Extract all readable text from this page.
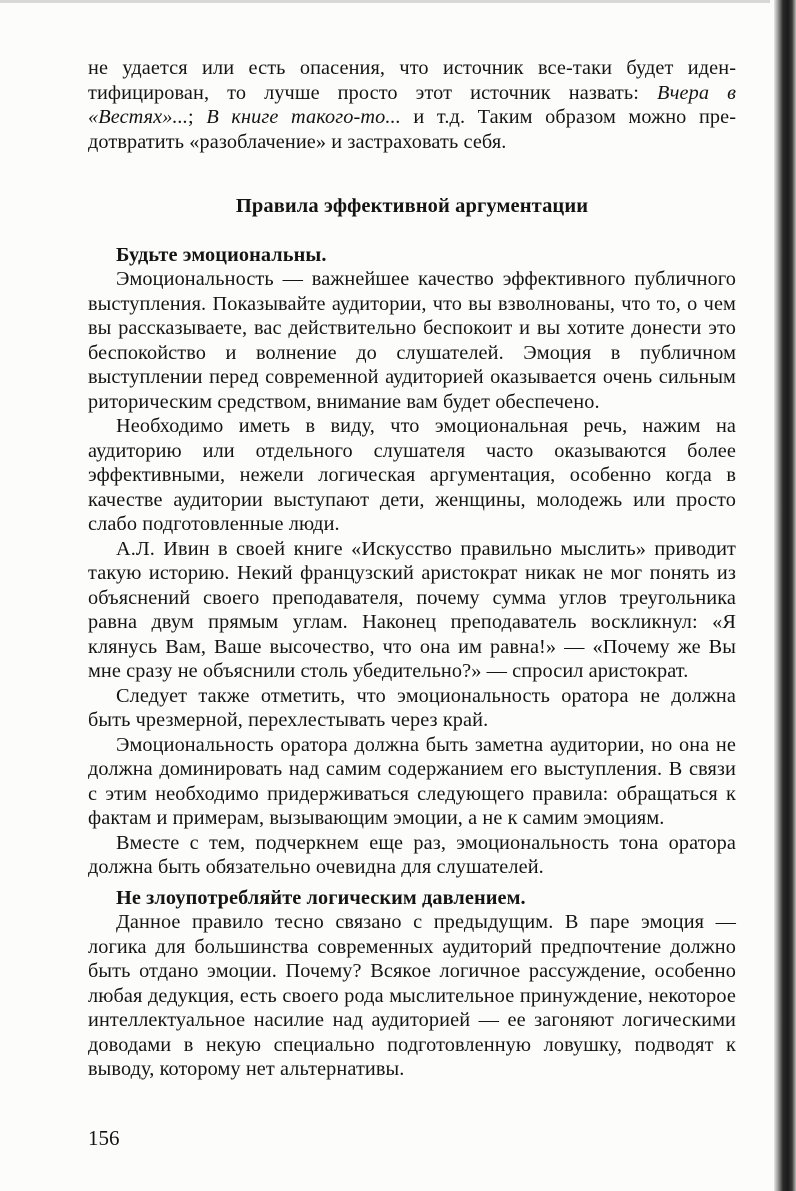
не удается или есть опасения, что источник все-таки будет идентифицирован, то лучше просто этот источник назвать: Вчера в «Вестях»...; В книге такого-то... и т.д. Таким образом можно предотвратить «разоблачение» и застраховать себя.

Правила эффективной аргументации

Будьте эмоциональны.

Эмоциональность — важнейшее качество эффективного публичного выступления. Показывайте аудитории, что вы взволнованы, что то, о чем вы рассказываете, вас действительно беспокоит и вы хотите донести это беспокойство и волнение до слушателей. Эмоция в публичном выступлении перед современной аудиторией оказывается очень сильным риторическим средством, внимание вам будет обеспечено.

Необходимо иметь в виду, что эмоциональная речь, нажим на аудиторию или отдельного слушателя часто оказываются более эффективными, нежели логическая аргументация, особенно когда в качестве аудитории выступают дети, женщины, молодежь или просто слабо подготовленные люди.

А.Л. Ивин в своей книге «Искусство правильно мыслить» приводит такую историю. Некий французский аристократ никак не мог понять из объяснений своего преподавателя, почему сумма углов треугольника равна двум прямым углам. Наконец преподаватель воскликнул: «Я клянусь Вам, Ваше высочество, что она им равна!» — «Почему же Вы мне сразу не объяснили столь убедительно?» — спросил аристократ.

Следует также отметить, что эмоциональность оратора не должна быть чрезмерной, перехлестывать через край.

Эмоциональность оратора должна быть заметна аудитории, но она не должна доминировать над самим содержанием его выступления. В связи с этим необходимо придерживаться следующего правила: обращаться к фактам и примерам, вызывающим эмоции, а не к самим эмоциям.

Вместе с тем, подчеркнем еще раз, эмоциональность тона оратора должна быть обязательно очевидна для слушателей.

Не злоупотребляйте логическим давлением.

Данное правило тесно связано с предыдущим. В паре эмоция — логика для большинства современных аудиторий предпочтение должно быть отдано эмоции. Почему? Всякое логичное рассуждение, особенно любая дедукция, есть своего рода мыслительное принуждениe, некоторое интеллектуальное насилие над аудиторией — ее загоняют логическими доводами в некую специально подготовленную ловушку, подводят к выводу, которому нет альтернативы.

156
